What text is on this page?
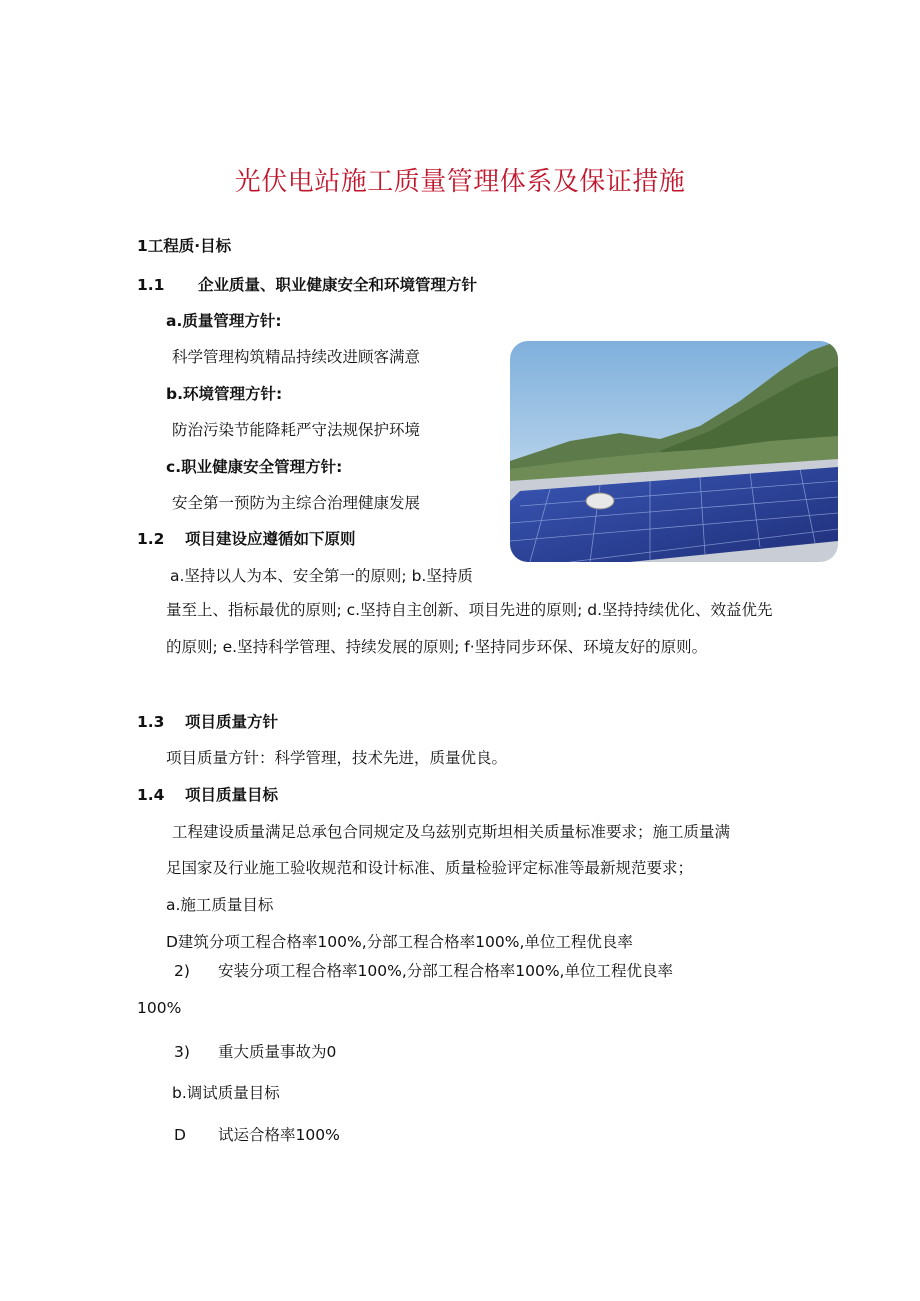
光伏电站施工质量管理体系及保证措施
1工程质·目标
1.1 企业质量、职业健康安全和环境管理方针
a.质量管理方针:
科学管理构筑精品持续改进顾客满意
b.环境管理方针:
防治污染节能降耗严守法规保护环境
c.职业健康安全管理方针:
安全第一预防为主综合治理健康发展
1.2 项目建设应遵循如下原则
a.坚持以人为本、安全第一的原则; b.坚持质
量至上、指标最优的原则; c.坚持自主创新、项目先进的原则; d.坚持持续优化、效益优先的原则; e.坚持科学管理、持续发展的原则; f·坚持同步环保、环境友好的原则。
1.3 项目质量方针
项目质量方针：科学管理，技术先进，质量优良。
1.4 项目质量目标
工程建设质量满足总承包合同规定及乌兹别克斯坦相关质量标准要求；施工质量满
足国家及行业施工验收规范和设计标准、质量检验评定标准等最新规范要求；
a.施工质量目标
D建筑分项工程合格率100%,分部工程合格率100%,单位工程优良率
2) 安装分项工程合格率100%,分部工程合格率100%,单位工程优良率
100%
3) 重大质量事故为0
b.调试质量目标
D 试运合格率100%
